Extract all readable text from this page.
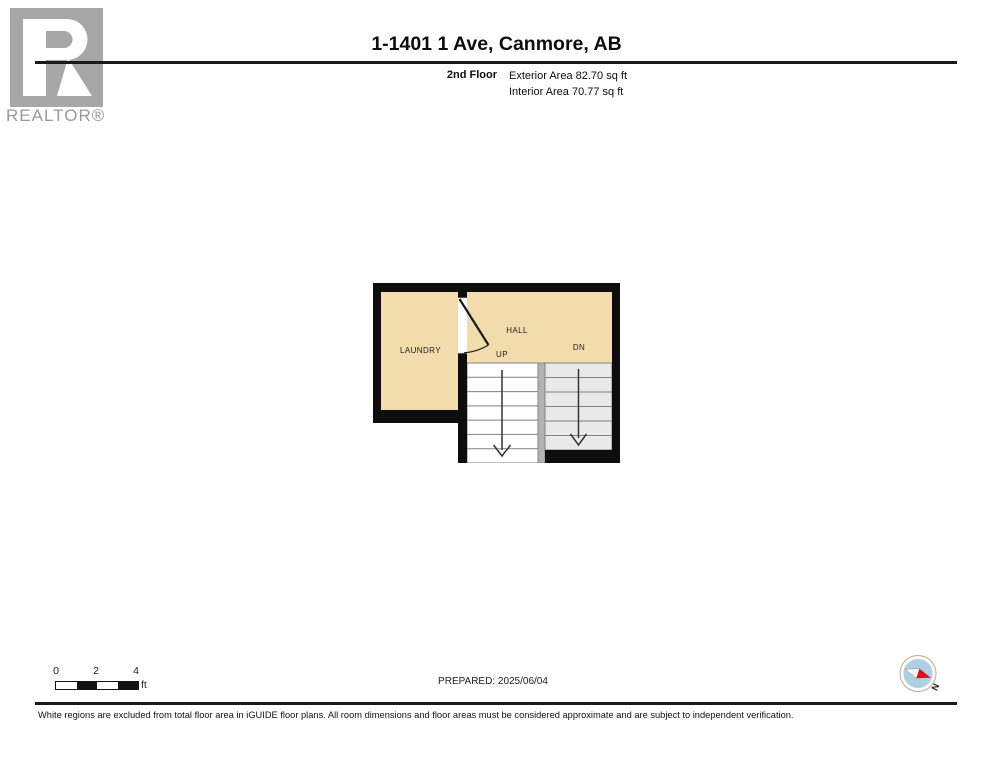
REALTOR®
1-1401 1 Ave, Canmore, AB
2nd Floor Exterior Area 82.70 sq ft
Interior Area 70.77 sq ft
LAUNDRY
HALL
UP
DN
0	2	4
ft	PREPARED: 2025/06/04	N
White regions are excluded from total floor area in iGUIDE floor plans. All room dimensions and floor areas must be considered approximate and are subject to independent verification.
